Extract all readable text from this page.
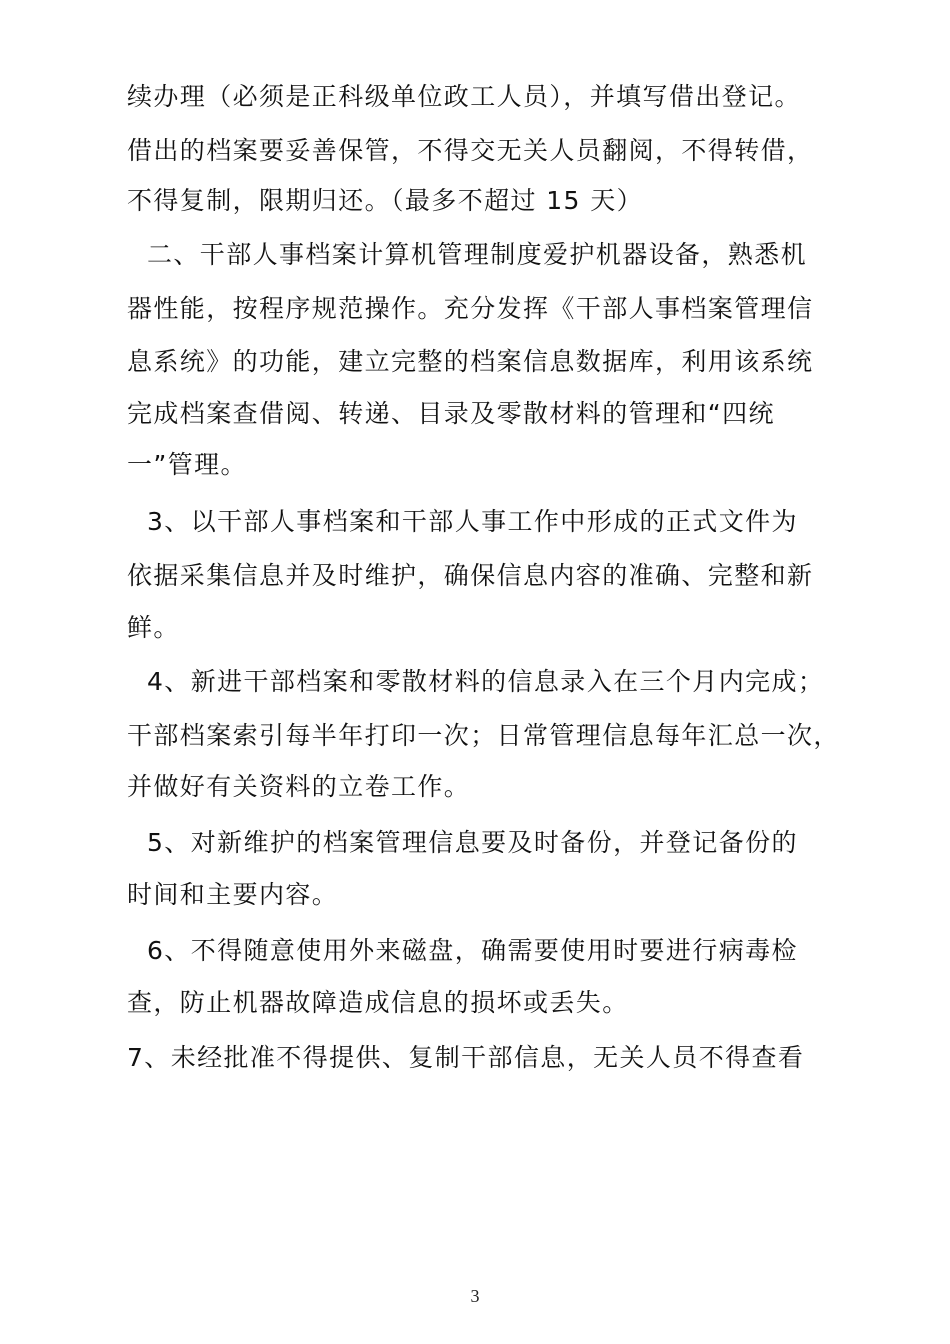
续办理（必须是正科级单位政工人员），并填写借出登记。
借出的档案要妥善保管，不得交无关人员翻阅，不得转借，
不得复制，限期归还。（最多不超过 15 天）
二、干部人事档案计算机管理制度爱护机器设备，熟悉机
器性能，按程序规范操作。充分发挥《干部人事档案管理信
息系统》的功能，建立完整的档案信息数据库，利用该系统
完成档案查借阅、转递、目录及零散材料的管理和“四统
一”管理。
3、以干部人事档案和干部人事工作中形成的正式文件为
依据采集信息并及时维护，确保信息内容的准确、完整和新
鲜。
4、新进干部档案和零散材料的信息录入在三个月内完成；
干部档案索引每半年打印一次；日常管理信息每年汇总一次，
并做好有关资料的立卷工作。
5、对新维护的档案管理信息要及时备份，并登记备份的
时间和主要内容。
6、不得随意使用外来磁盘，确需要使用时要进行病毒检
查，防止机器故障造成信息的损坏或丢失。
7、未经批准不得提供、复制干部信息，无关人员不得查看
3
